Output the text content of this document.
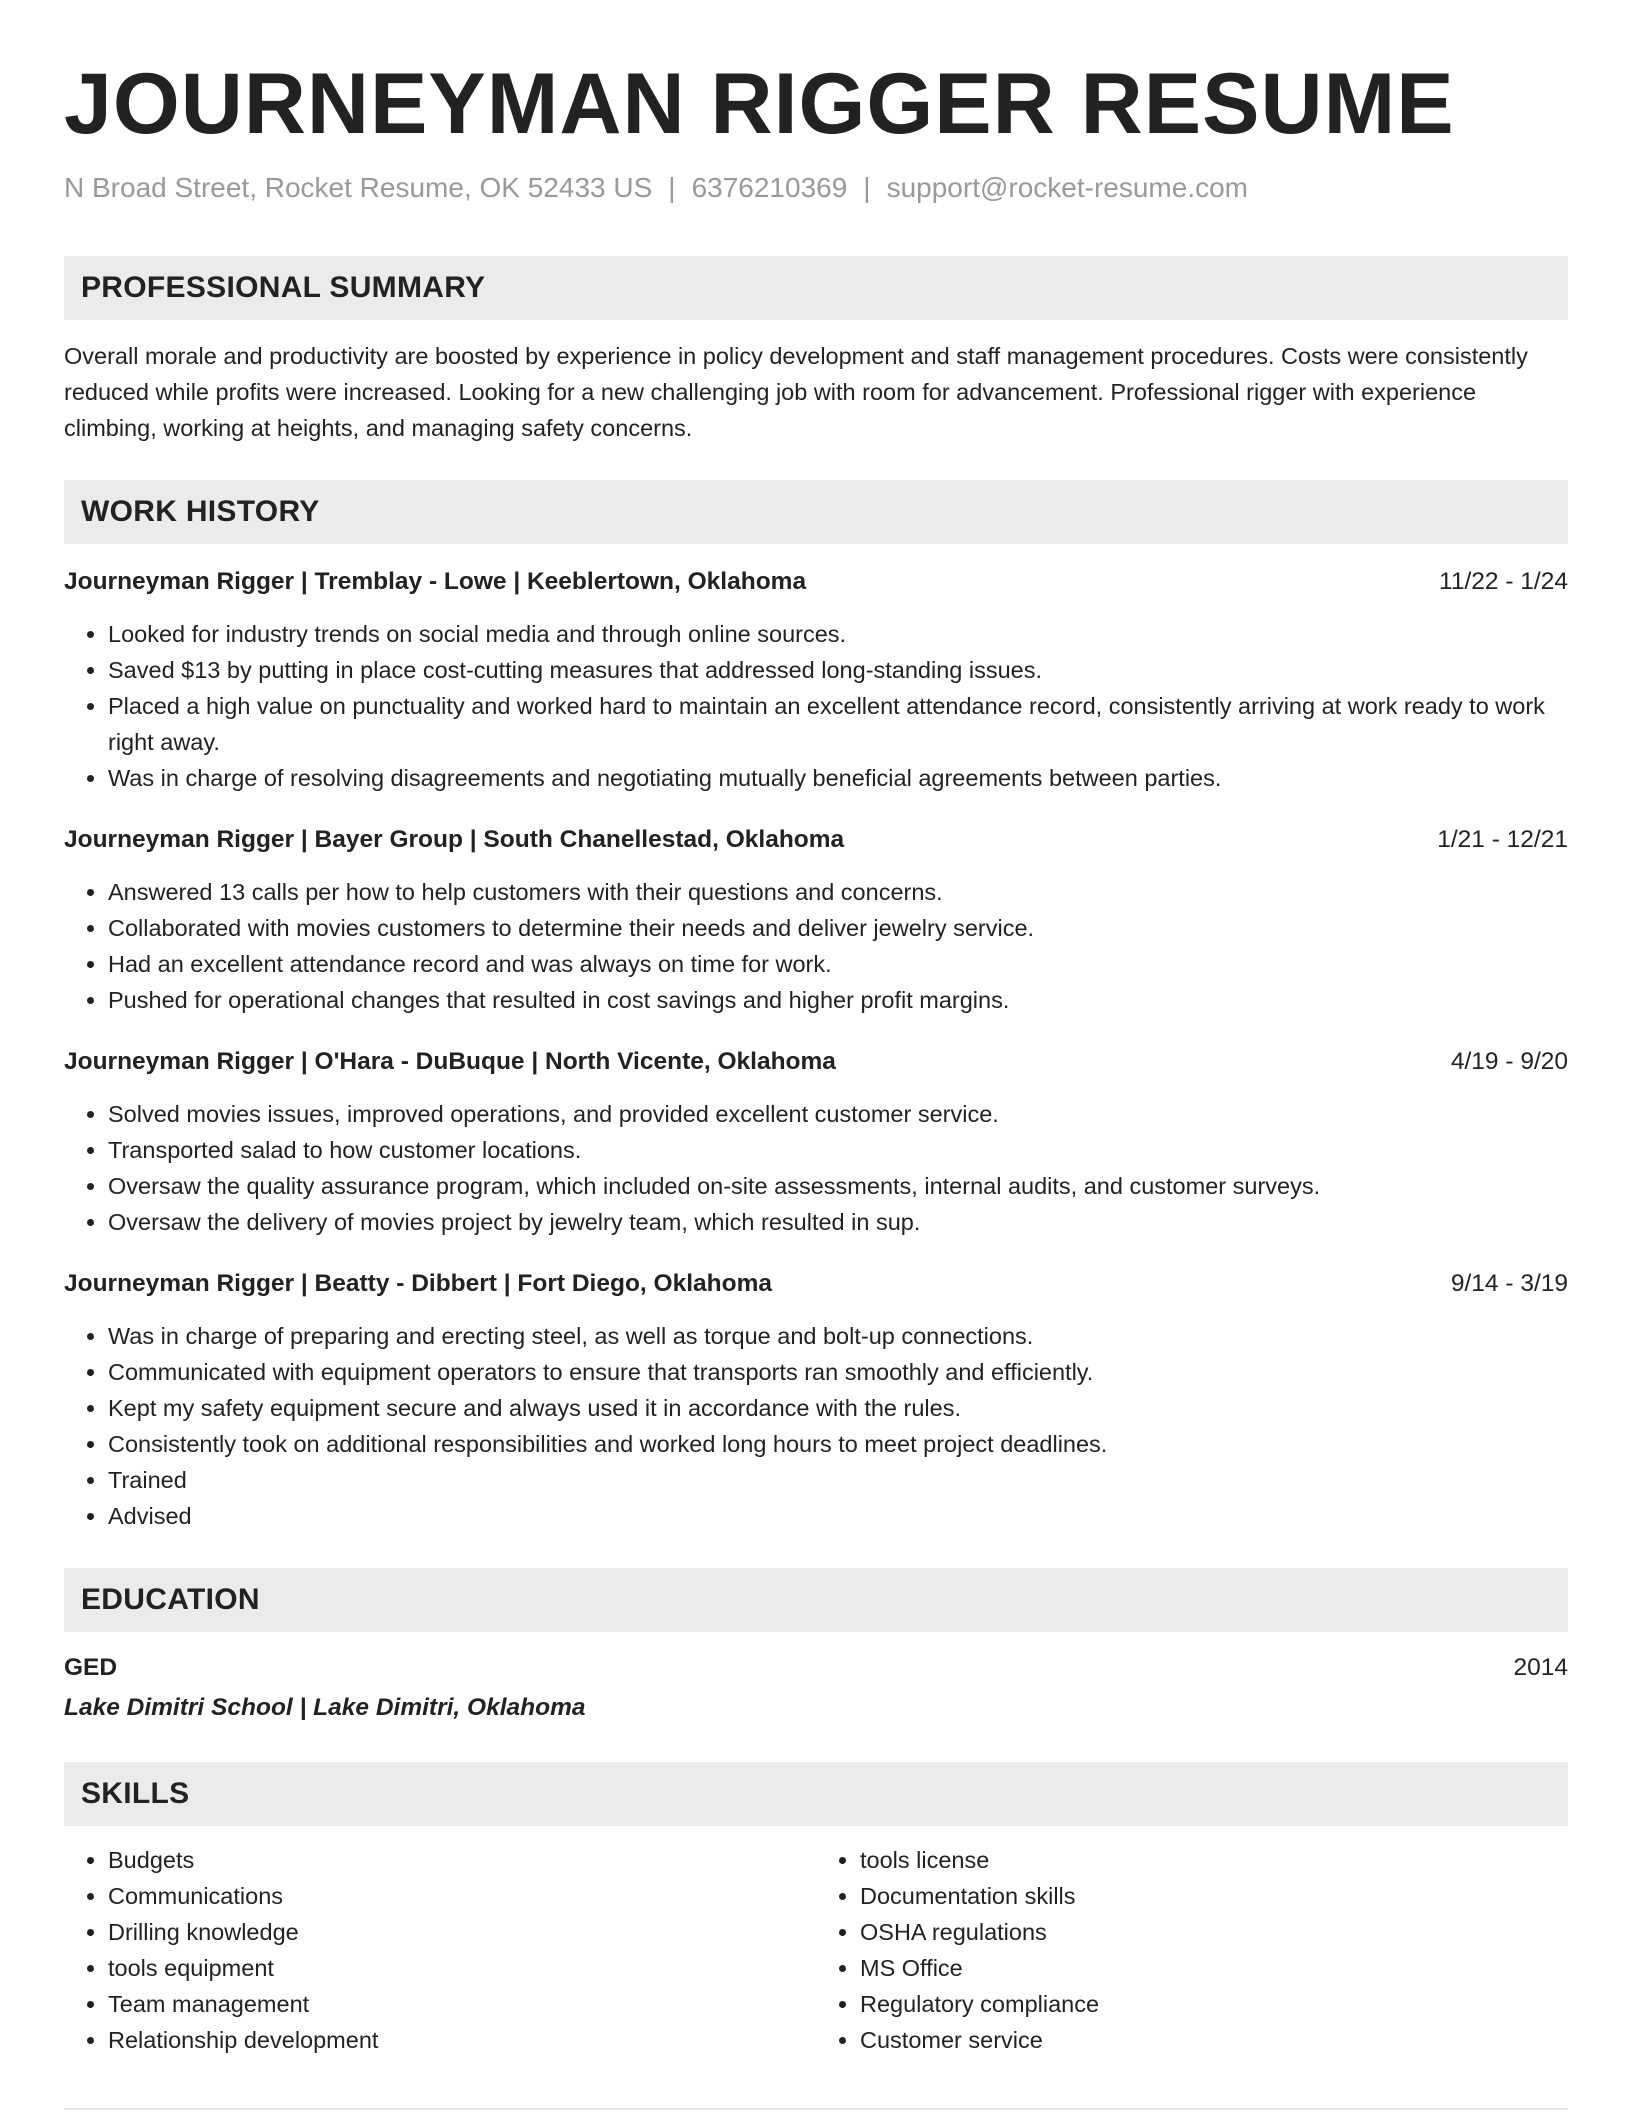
JOURNEYMAN RIGGER RESUME
N Broad Street, Rocket Resume, OK 52433 US | 6376210369 | support@rocket-resume.com
PROFESSIONAL SUMMARY
Overall morale and productivity are boosted by experience in policy development and staff management procedures. Costs were consistently reduced while profits were increased. Looking for a new challenging job with room for advancement. Professional rigger with experience climbing, working at heights, and managing safety concerns.
WORK HISTORY
Journeyman Rigger | Tremblay - Lowe | Keeblertown, Oklahoma	11/22 - 1/24
• Looked for industry trends on social media and through online sources.
• Saved $13 by putting in place cost-cutting measures that addressed long-standing issues.
• Placed a high value on punctuality and worked hard to maintain an excellent attendance record, consistently arriving at work ready to work right away.
• Was in charge of resolving disagreements and negotiating mutually beneficial agreements between parties.
Journeyman Rigger | Bayer Group | South Chanellestad, Oklahoma	1/21 - 12/21
• Answered 13 calls per how to help customers with their questions and concerns.
• Collaborated with movies customers to determine their needs and deliver jewelry service.
• Had an excellent attendance record and was always on time for work.
• Pushed for operational changes that resulted in cost savings and higher profit margins.
Journeyman Rigger | O'Hara - DuBuque | North Vicente, Oklahoma	4/19 - 9/20
• Solved movies issues, improved operations, and provided excellent customer service.
• Transported salad to how customer locations.
• Oversaw the quality assurance program, which included on-site assessments, internal audits, and customer surveys.
• Oversaw the delivery of movies project by jewelry team, which resulted in sup.
Journeyman Rigger | Beatty - Dibbert | Fort Diego, Oklahoma	9/14 - 3/19
• Was in charge of preparing and erecting steel, as well as torque and bolt-up connections.
• Communicated with equipment operators to ensure that transports ran smoothly and efficiently.
• Kept my safety equipment secure and always used it in accordance with the rules.
• Consistently took on additional responsibilities and worked long hours to meet project deadlines.
• Trained
• Advised
EDUCATION
GED	2014
Lake Dimitri School | Lake Dimitri, Oklahoma
SKILLS
• Budgets
• Communications
• Drilling knowledge
• tools equipment
• Team management
• Relationship development
• tools license
• Documentation skills
• OSHA regulations
• MS Office
• Regulatory compliance
• Customer service
